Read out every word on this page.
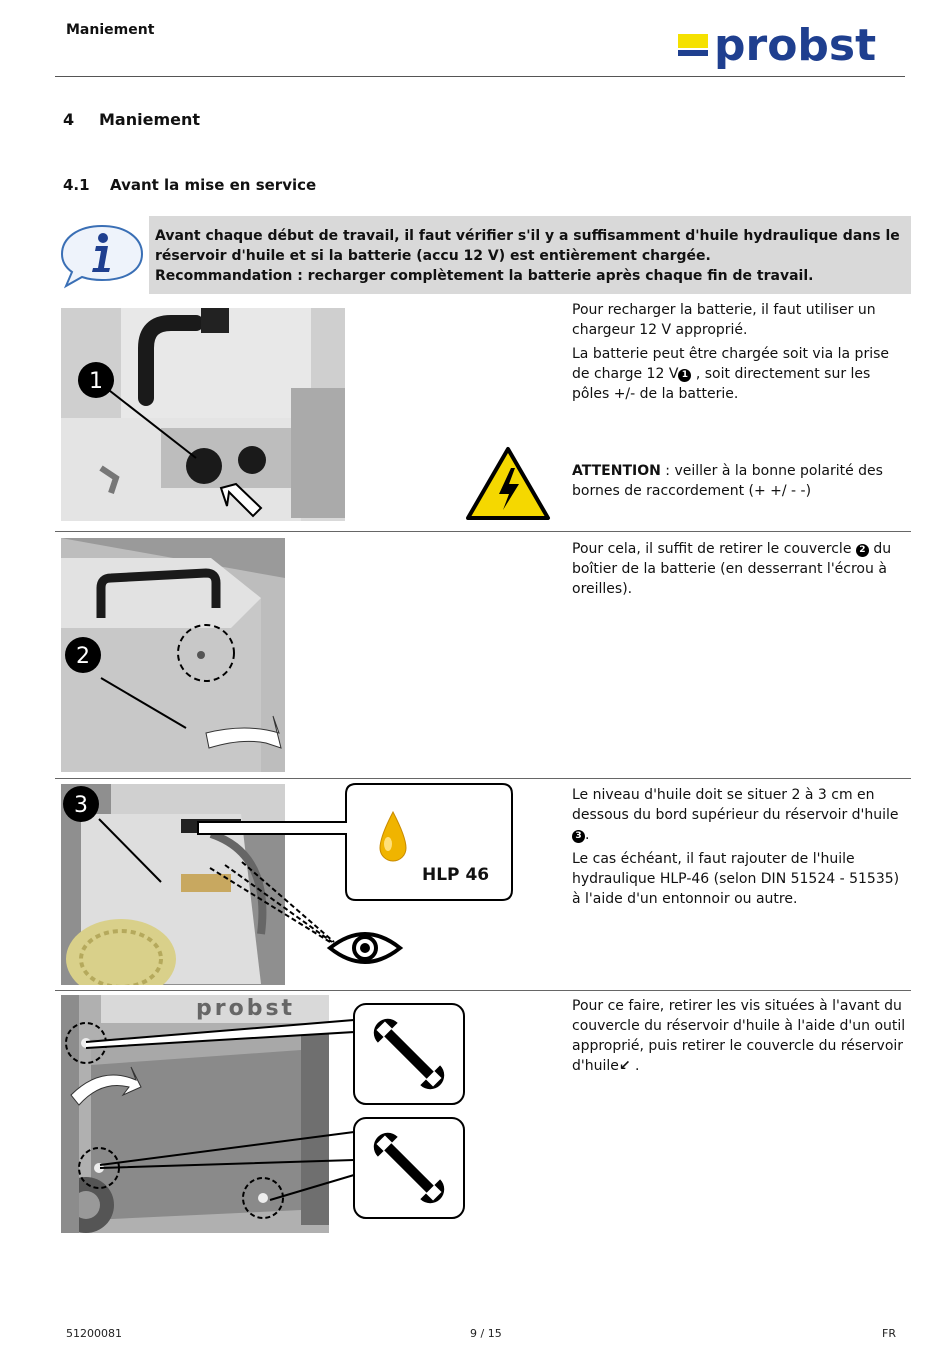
Maniement	probst
4 Maniement
4.1 Avant la mise en service

Avant chaque début de travail, il faut vérifier s'il y a suffisamment d'huile hydraulique dans le réservoir d'huile et si la batterie (accu 12 V) est entièrement chargée.

Recommandation : recharger complètement la batterie après chaque fin de travail.

1

Pour recharger la batterie, il faut utiliser un chargeur 12 V approprié.

La batterie peut être chargée soit via la prise de charge 12 V 1 , soit directement sur les pôles +/- de la batterie.

ATTENTION : veiller à la bonne polarité des bornes de raccordement (+ +/ - -)

2

Pour cela, il suffit de retirer le couvercle 2 du boîtier de la batterie (en desserrant l'écrou à oreilles).

3
HLP 46

Le niveau d'huile doit se situer 2 à 3 cm en dessous du bord supérieur du réservoir d'huile 3 .

Le cas échéant, il faut rajouter de l'huile hydraulique HLP-46 (selon DIN 51524 - 51535) à l'aide d'un entonnoir ou autre.

probst	Pour ce faire, retirer les vis situées à l'avant du couvercle du réservoir d'huile à l'aide d'un outil approprié, puis retirer le couvercle du réservoir d'huile↙ .

51200081	9 / 15	FR
